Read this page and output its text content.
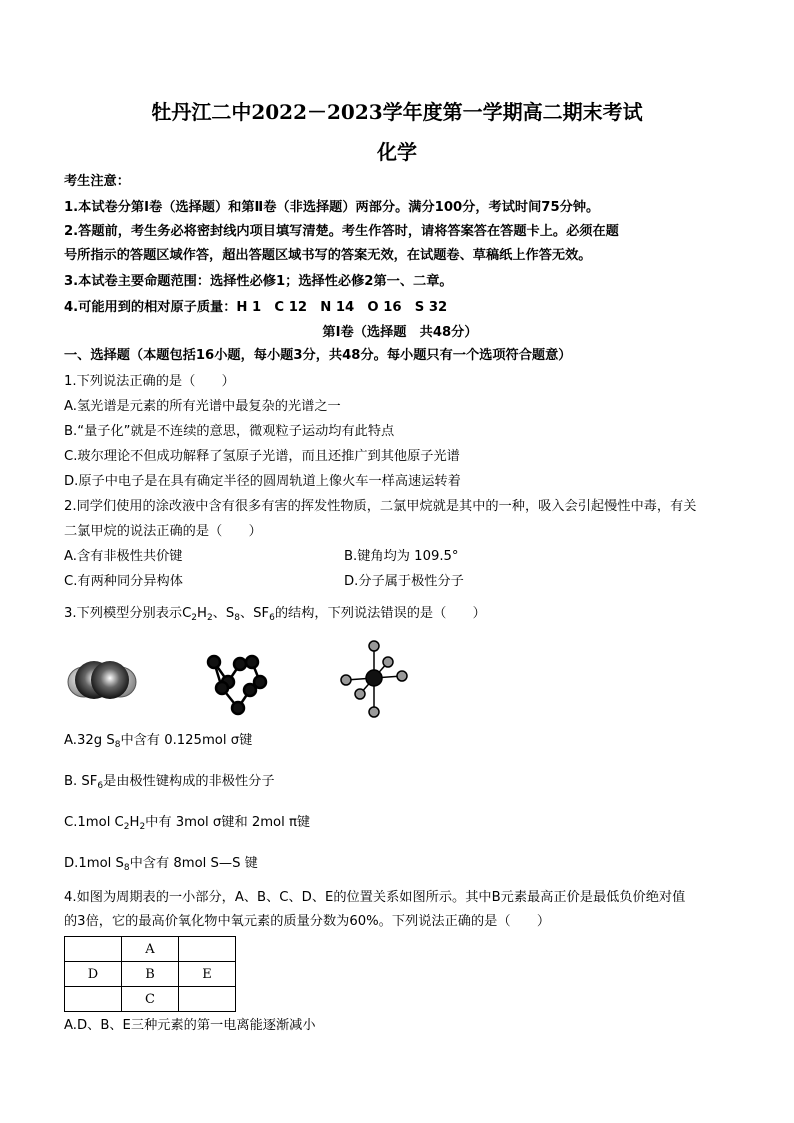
牡丹江二中2022－2023学年度第一学期高二期末考试
化学
考生注意：
1.本试卷分第Ⅰ卷（选择题）和第Ⅱ卷（非选择题）两部分。满分100分，考试时间75分钟。
2.答题前，考生务必将密封线内项目填写清楚。考生作答时，请将答案答在答题卡上。必须在题
号所指示的答题区域作答，超出答题区域书写的答案无效，在试题卷、草稿纸上作答无效。
3.本试卷主要命题范围：选择性必修1；选择性必修2第一、二章。
4.可能用到的相对原子质量：H 1　C 12　N 14　O 16　S 32
第Ⅰ卷（选择题　共48分）
一、选择题（本题包括16小题，每小题3分，共48分。每小题只有一个选项符合题意）
1.下列说法正确的是（　　）
A.氢光谱是元素的所有光谱中最复杂的光谱之一
B.“量子化”就是不连续的意思，微观粒子运动均有此特点
C.玻尔理论不但成功解释了氢原子光谱，而且还推广到其他原子光谱
D.原子中电子是在具有确定半径的圆周轨道上像火车一样高速运转着
2.同学们使用的涂改液中含有很多有害的挥发性物质，二氯甲烷就是其中的一种，吸入会引起慢性中毒，有关
二氯甲烷的说法正确的是（　　）
A.含有非极性共价键	B.键角均为 109.5°
C.有两种同分异构体	D.分子属于极性分子
3.下列模型分别表示$C_2H_2$、$S_8$、$SF_6$的结构，下列说法错误的是（　　）
A.32g $S_8$中含有 0.125mol σ键
B. $SF_6$是由极性键构成的非极性分子
C.1mol $C_2H_2$中有 3mol σ键和 2mol π键
D.1mol $S_8$中含有 8mol S—S 键
4.如图为周期表的一小部分，A、B、C、D、E的位置关系如图所示。其中B元素最高正价是最低负价绝对值
的3倍，它的最高价氧化物中氧元素的质量分数为60%。下列说法正确的是（　　）
	A	
D	B	E
	C	
A.D、B、E三种元素的第一电离能逐渐减小
